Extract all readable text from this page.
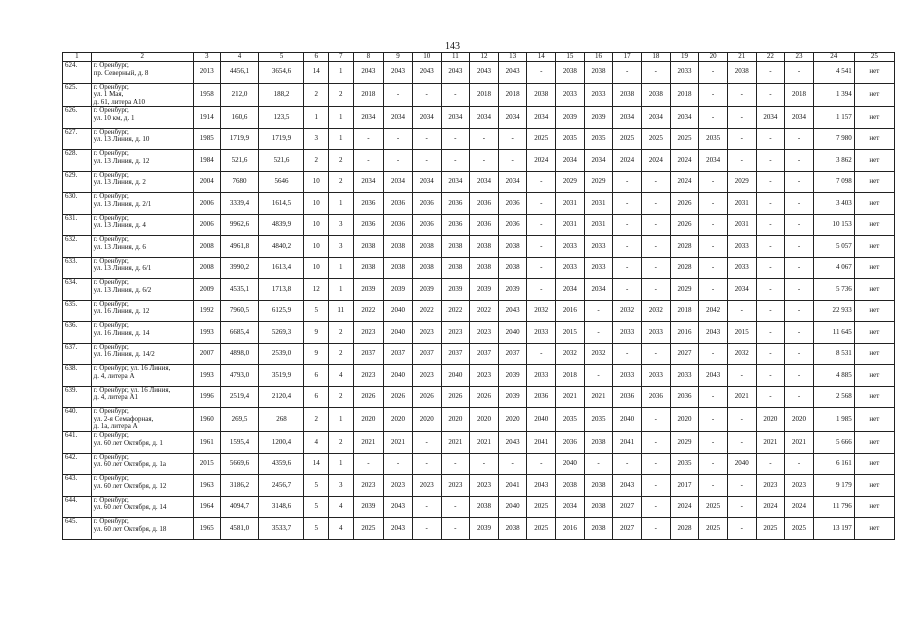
143
1	2	3	4	5	6	7	8	9	10	11	12	13	14	15	16	17	18	19	20	21	22	23	24	25
624.	г. Оренбург,
пр. Северный, д. 8	2013	4456,1	3654,6	14	1	2043	2043	2043	2043	2043	2043	-	2038	2038	-	-	2033	-	2038	-	-	4 541	нет
625.	г. Оренбург,
ул. 1 Мая,
д. 61, литера А10	1958	212,0	188,2	2	2	2018	-	-	-	2018	2018	2038	2033	2033	2038	2038	2018	-	-	-	2018	1 394	нет
626.	г. Оренбург,
ул. 10 км, д. 1	1914	160,6	123,5	1	1	2034	2034	2034	2034	2034	2034	2034	2039	2039	2034	2034	2034	-	-	2034	2034	1 157	нет
627.	г. Оренбург,
ул. 13 Линия, д. 10	1985	1719,9	1719,9	3	1	-	-	-	-	-	-	2025	2035	2035	2025	2025	2025	2035	-	-	-	7 980	нет
628.	г. Оренбург,
ул. 13 Линия, д. 12	1984	521,6	521,6	2	2	-	-	-	-	-	-	2024	2034	2034	2024	2024	2024	2034	-	-	-	3 862	нет
629.	г. Оренбург,
ул. 13 Линия, д. 2	2004	7680	5646	10	2	2034	2034	2034	2034	2034	2034	-	2029	2029	-	-	2024	-	2029	-	-	7 098	нет
630.	г. Оренбург,
ул. 13 Линия, д. 2/1	2006	3339,4	1614,5	10	1	2036	2036	2036	2036	2036	2036	-	2031	2031	-	-	2026	-	2031	-	-	3 403	нет
631.	г. Оренбург,
ул. 13 Линия, д. 4	2006	9962,6	4839,9	10	3	2036	2036	2036	2036	2036	2036	-	2031	2031	-	-	2026	-	2031	-	-	10 153	нет
632.	г. Оренбург,
ул. 13 Линия, д. 6	2008	4961,8	4840,2	10	3	2038	2038	2038	2038	2038	2038	-	2033	2033	-	-	2028	-	2033	-	-	5 057	нет
633.	г. Оренбург,
ул. 13 Линия, д. 6/1	2008	3990,2	1613,4	10	1	2038	2038	2038	2038	2038	2038	-	2033	2033	-	-	2028	-	2033	-	-	4 067	нет
634.	г. Оренбург,
ул. 13 Линия, д. 6/2	2009	4535,1	1713,8	12	1	2039	2039	2039	2039	2039	2039	-	2034	2034	-	-	2029	-	2034	-	-	5 736	нет
635.	г. Оренбург,
ул. 16 Линия, д. 12	1992	7960,5	6125,9	5	11	2022	2040	2022	2022	2022	2043	2032	2016	-	2032	2032	2018	2042	-	-	-	22 933	нет
636.	г. Оренбург,
ул. 16 Линия, д. 14	1993	6685,4	5269,3	9	2	2023	2040	2023	2023	2023	2040	2033	2015	-	2033	2033	2016	2043	2015	-	-	11 645	нет
637.	г. Оренбург,
ул. 16 Линия, д. 14/2	2007	4898,0	2539,0	9	2	2037	2037	2037	2037	2037	2037	-	2032	2032	-	-	2027	-	2032	-	-	8 531	нет
638.	г. Оренбург, ул. 16 Линия,
д. 4, литера А	1993	4793,0	3519,9	6	4	2023	2040	2023	2040	2023	2039	2033	2018	-	2033	2033	2033	2043	-	-	-	4 885	нет
639.	г. Оренбург, ул. 16 Линия,
д. 4, литера А1	1996	2519,4	2120,4	6	2	2026	2026	2026	2026	2026	2039	2036	2021	2021	2036	2036	2036	-	2021	-	-	2 568	нет
640.	г. Оренбург,
ул. 2-я Семафорная,
д. 1а, литера А	1960	269,5	268	2	1	2020	2020	2020	2020	2020	2020	2040	2035	2035	2040	-	2020	-	-	2020	2020	1 985	нет
641.	г. Оренбург,
ул. 60 лет Октября, д. 1	1961	1595,4	1200,4	4	2	2021	2021	-	2021	2021	2043	2041	2036	2038	2041	-	2029	-	-	2021	2021	5 666	нет
642.	г. Оренбург,
ул. 60 лет Октября, д. 1а	2015	5669,6	4359,6	14	1	-	-	-	-	-	-	-	2040	-	-	-	2035	-	2040	-	-	6 161	нет
643.	г. Оренбург,
ул. 60 лет Октября, д. 12	1963	3186,2	2456,7	5	3	2023	2023	2023	2023	2023	2041	2043	2038	2038	2043	-	2017	-	-	2023	2023	9 179	нет
644.	г. Оренбург,
ул. 60 лет Октября, д. 14	1964	4094,7	3148,6	5	4	2039	2043	-	-	2038	2040	2025	2034	2038	2027	-	2024	2025	-	2024	2024	11 796	нет
645.	г. Оренбург,
ул. 60 лет Октября, д. 18	1965	4581,0	3533,7	5	4	2025	2043	-	-	2039	2038	2025	2016	2038	2027	-	2028	2025	-	2025	2025	13 197	нет
